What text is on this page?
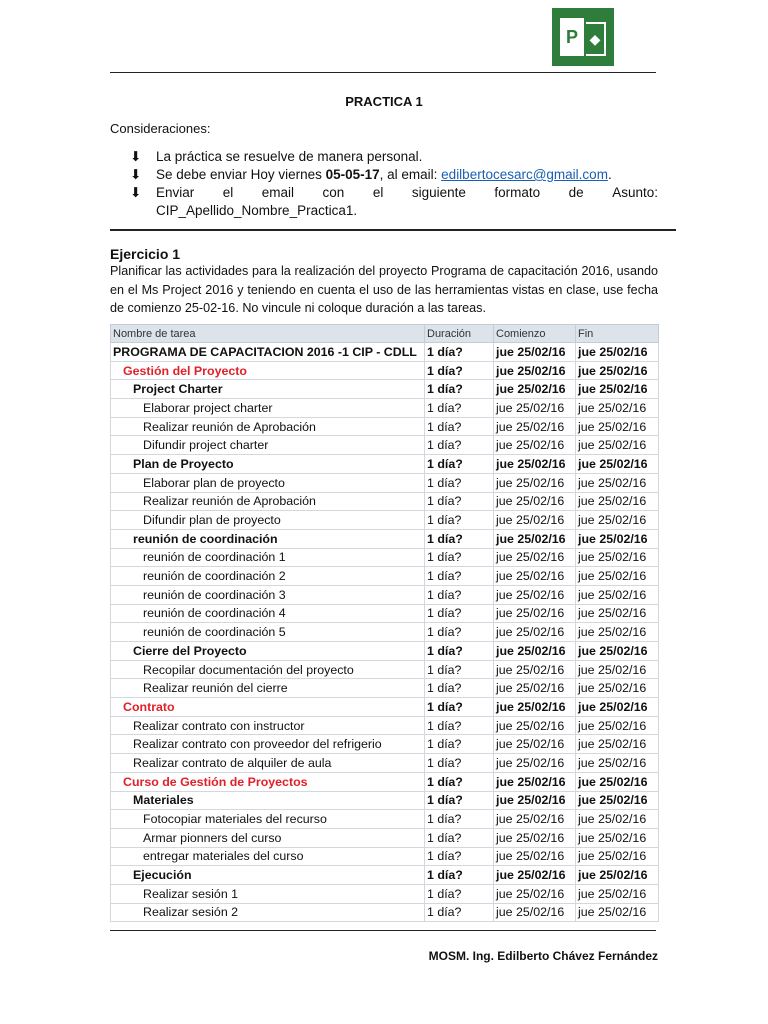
P ◆
PRACTICA 1
Consideraciones:
⬇ La práctica se resuelve de manera personal.
⬇ Se debe enviar Hoy viernes 05-05-17, al email: edilbertocesarc@gmail.com.
⬇ Enviar el email con el siguiente formato de Asunto:
CIP_Apellido_Nombre_Practica1.
Ejercicio 1
Planificar las actividades para la realización del proyecto Programa de capacitación 2016, usando en el Ms Project 2016 y teniendo en cuenta el uso de las herramientas vistas en clase, use fecha de comienzo 25-02-16. No vincule ni coloque duración a las tareas.
Nombre de tarea	Duración	Comienzo	Fin
PROGRAMA DE CAPACITACION 2016 -1 CIP - CDLL	1 día?	jue 25/02/16	jue 25/02/16
Gestión del Proyecto	1 día?	jue 25/02/16	jue 25/02/16
Project Charter	1 día?	jue 25/02/16	jue 25/02/16
Elaborar project charter	1 día?	jue 25/02/16	jue 25/02/16
Realizar reunión de Aprobación	1 día?	jue 25/02/16	jue 25/02/16
Difundir project charter	1 día?	jue 25/02/16	jue 25/02/16
Plan de Proyecto	1 día?	jue 25/02/16	jue 25/02/16
Elaborar plan de proyecto	1 día?	jue 25/02/16	jue 25/02/16
Realizar reunión de Aprobación	1 día?	jue 25/02/16	jue 25/02/16
Difundir plan de proyecto	1 día?	jue 25/02/16	jue 25/02/16
reunión de coordinación	1 día?	jue 25/02/16	jue 25/02/16
reunión de coordinación 1	1 día?	jue 25/02/16	jue 25/02/16
reunión de coordinación 2	1 día?	jue 25/02/16	jue 25/02/16
reunión de coordinación 3	1 día?	jue 25/02/16	jue 25/02/16
reunión de coordinación 4	1 día?	jue 25/02/16	jue 25/02/16
reunión de coordinación 5	1 día?	jue 25/02/16	jue 25/02/16
Cierre del Proyecto	1 día?	jue 25/02/16	jue 25/02/16
Recopilar documentación del proyecto	1 día?	jue 25/02/16	jue 25/02/16
Realizar reunión del cierre	1 día?	jue 25/02/16	jue 25/02/16
Contrato	1 día?	jue 25/02/16	jue 25/02/16
Realizar contrato con instructor	1 día?	jue 25/02/16	jue 25/02/16
Realizar contrato con proveedor del refrigerio	1 día?	jue 25/02/16	jue 25/02/16
Realizar contrato de alquiler de aula	1 día?	jue 25/02/16	jue 25/02/16
Curso de Gestión de Proyectos	1 día?	jue 25/02/16	jue 25/02/16
Materiales	1 día?	jue 25/02/16	jue 25/02/16
Fotocopiar materiales del recurso	1 día?	jue 25/02/16	jue 25/02/16
Armar pionners del curso	1 día?	jue 25/02/16	jue 25/02/16
entregar materiales del curso	1 día?	jue 25/02/16	jue 25/02/16
Ejecución	1 día?	jue 25/02/16	jue 25/02/16
Realizar sesión 1	1 día?	jue 25/02/16	jue 25/02/16
Realizar sesión 2	1 día?	jue 25/02/16	jue 25/02/16
MOSM. Ing. Edilberto Chávez Fernández
